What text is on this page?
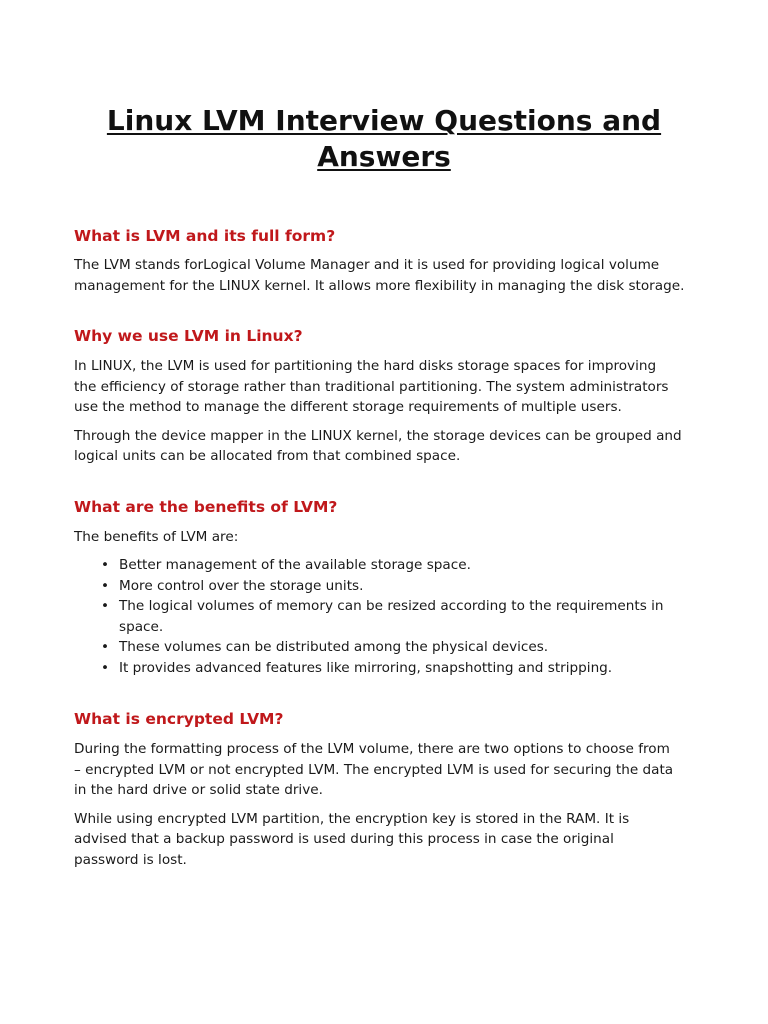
Linux LVM Interview Questions and
Answers
What is LVM and its full form?

The LVM stands forLogical Volume Manager and it is used for providing logical volume management for the LINUX kernel. It allows more flexibility in managing the disk storage.

Why we use LVM in Linux?

In LINUX, the LVM is used for partitioning the hard disks storage spaces for improving the efficiency of storage rather than traditional partitioning. The system administrators use the method to manage the different storage requirements of multiple users.

Through the device mapper in the LINUX kernel, the storage devices can be grouped and logical units can be allocated from that combined space.

What are the benefits of LVM?

The benefits of LVM are:

• Better management of the available storage space.
• More control over the storage units.
• The logical volumes of memory can be resized according to the requirements in space.
• These volumes can be distributed among the physical devices.
• It provides advanced features like mirroring, snapshotting and stripping.
What is encrypted LVM?

During the formatting process of the LVM volume, there are two options to choose from – encrypted LVM or not encrypted LVM. The encrypted LVM is used for securing the data in the hard drive or solid state drive.

While using encrypted LVM partition, the encryption key is stored in the RAM. It is advised that a backup password is used during this process in case the original password is lost.
